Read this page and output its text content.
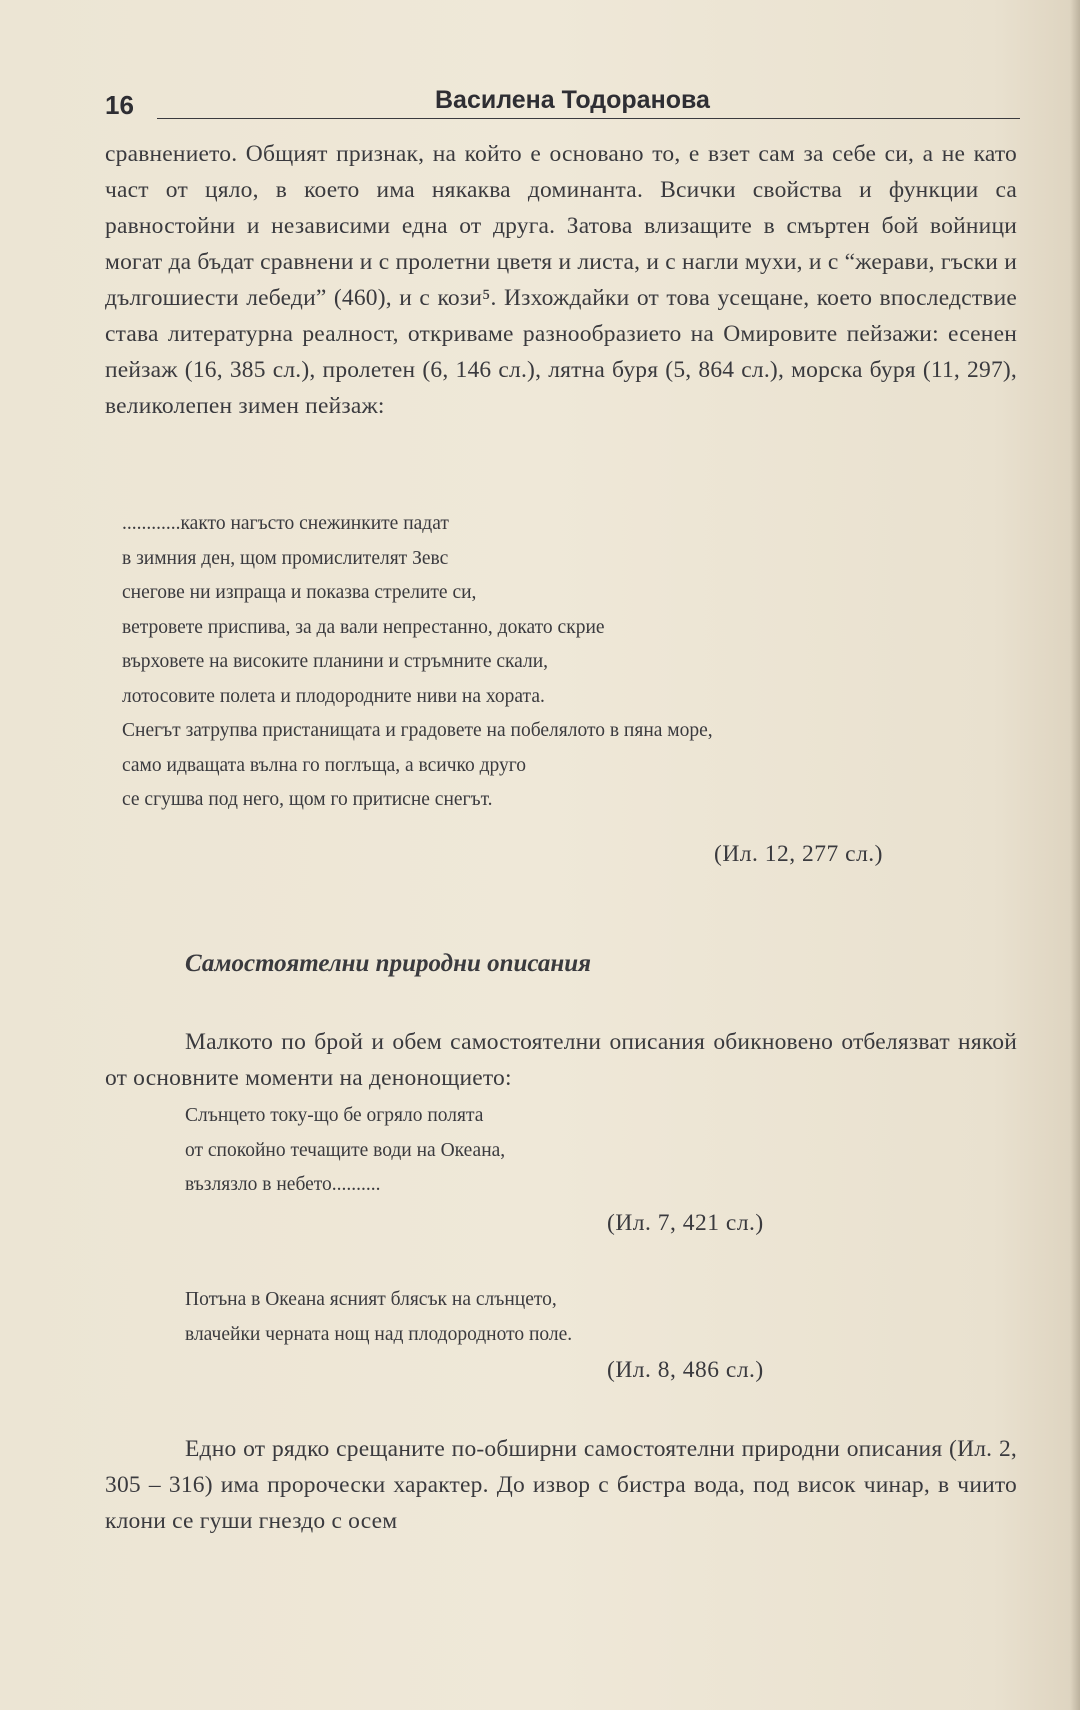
16	Василена Тодоранова

сравнението. Общият признак, на който е основано то, е взет сам за себе си, а не като част от цяло, в което има някаква доминанта. Всички свойства и функции са равностойни и независими една от друга. Затова влизащите в смъртен бой войници могат да бъдат сравнени и с пролетни цветя и листа, и с нагли мухи, и с “жерави, гъски и дългошиести лебеди” (460), и с кози⁵. Изхождайки от това усещане, което впоследствие става литературна реалност, откриваме разнообразието на Омировите пейзажи: есенен пейзаж (16, 385 сл.), пролетен (6, 146 сл.), лятна буря (5, 864 сл.), морска буря (11, 297), великолепен зимен пейзаж:

............както нагъсто снежинките падат

в зимния ден, щом промислителят Зевс

снегове ни изпраща и показва стрелите си,

ветровете приспива, за да вали непрестанно, докато скрие

върховете на високите планини и стръмните скали,

лотосовите полета и плодородните ниви на хората.

Снегът затрупва пристанищата и градовете на побелялото в пяна море,

само идващата вълна го поглъща, а всичко друго

се сгушва под него, щом го притисне снегът.

(Ил. 12, 277 сл.)
Самостоятелни природни описания

Малкото по брой и обем самостоятелни описания обикновено отбелязват някой от основните моменти на денонощието:

Слънцето току-що бе огряло полята

от спокойно течащите води на Океана,

възлязло в небето..........

(Ил. 7, 421 сл.)

Потъна в Океана ясният блясък на слънцето,

влачейки черната нощ над плодородното поле.

(Ил. 8, 486 сл.)

Едно от рядко срещаните по-обширни самостоятелни природни описания (Ил. 2, 305 – 316) има пророчески характер. До извор с бистра вода, под висок чинар, в чиито клони се гуши гнездо с осем
